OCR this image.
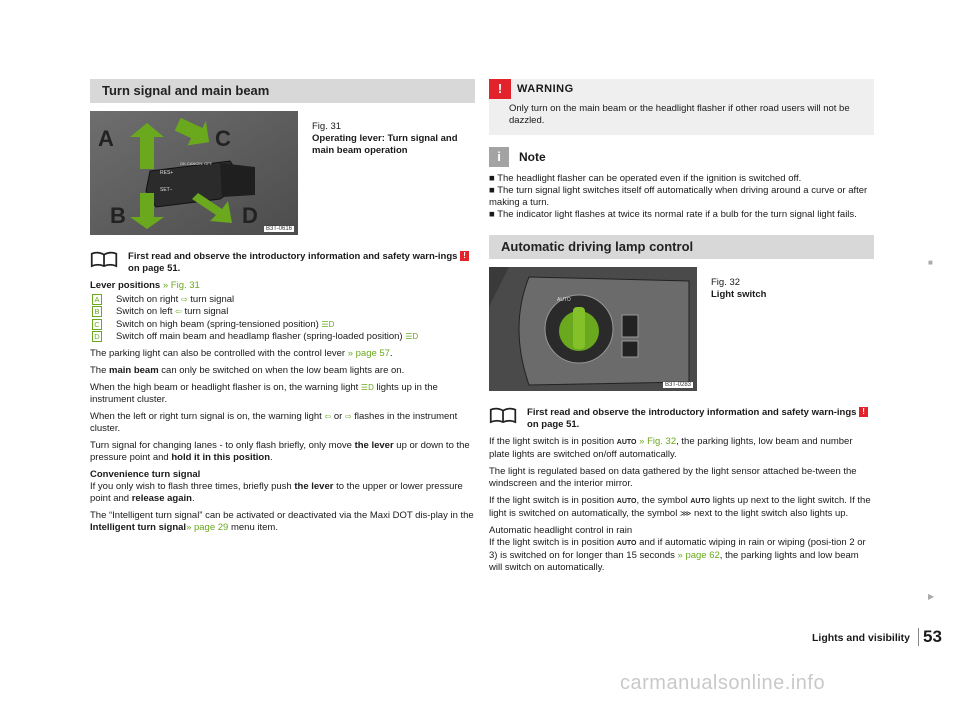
Turn signal and main beam
RES+
OK CANCEL OFF
SET−
A	C
B	D
B3T-0616
Fig. 31
Operating lever: Turn signal and main beam operation
First read and observe the introductory information and safety warn-ings ! on page 51.

Lever positions » Fig. 31

A Switch on right
⇨
turn signal
B Switch on left
⇦
turn signal
C Switch on high beam (spring-tensioned position)
☰D
D Switch off main beam and headlamp flasher (spring-loaded position)
☰D

The parking light can also be controlled with the control lever » page 57.

The main beam can only be switched on when the low beam lights are on.

When the high beam or headlight flasher is on, the warning light ☰D lights up in the instrument cluster.

When the left or right turn signal is on, the warning light ⇦ or ⇨ flashes in the instrument cluster.

Turn signal for changing lanes - to only flash briefly, only move the lever up or down to the pressure point and hold it in this position.

Convenience turn signal
If you only wish to flash three times, briefly push the lever to the upper or lower pressure point and release again.

The “Intelligent turn signal” can be activated or deactivated via the Maxi DOT dis-play in the Intelligent turn signal» page 29 menu item.

!	WARNING

Only turn on the main beam or the headlight flasher if other road users will not be dazzled.

i	Note

■ The headlight flasher can be operated even if the ignition is switched off.

■ The turn signal light switches itself off automatically when driving around a curve or after making a turn.

■ The indicator light flashes at twice its normal rate if a bulb for the turn signal light fails.

Automatic driving lamp control
AUTO
B3T-0283
Fig. 32
Light switch
First read and observe the introductory information and safety warn-ings ! on page 51.

If the light switch is in position AUTO » Fig. 32, the parking lights, low beam and number plate lights are switched on/off automatically.

The light is regulated based on data gathered by the light sensor attached be-tween the windscreen and the interior mirror.

If the light switch is in position AUTO, the symbol AUTO lights up next to the light switch. If the light is switched on automatically, the symbol ⋙ next to the light switch also lights up.

Automatic headlight control in rain
If the light switch is in position AUTO and if automatic wiping in rain or wiping (posi-tion 2 or 3) is switched on for longer than 15 seconds » page 62, the parking lights and low beam will switch on automatically.

■
▶
Lights and visibility 53
carmanualsonline.info
